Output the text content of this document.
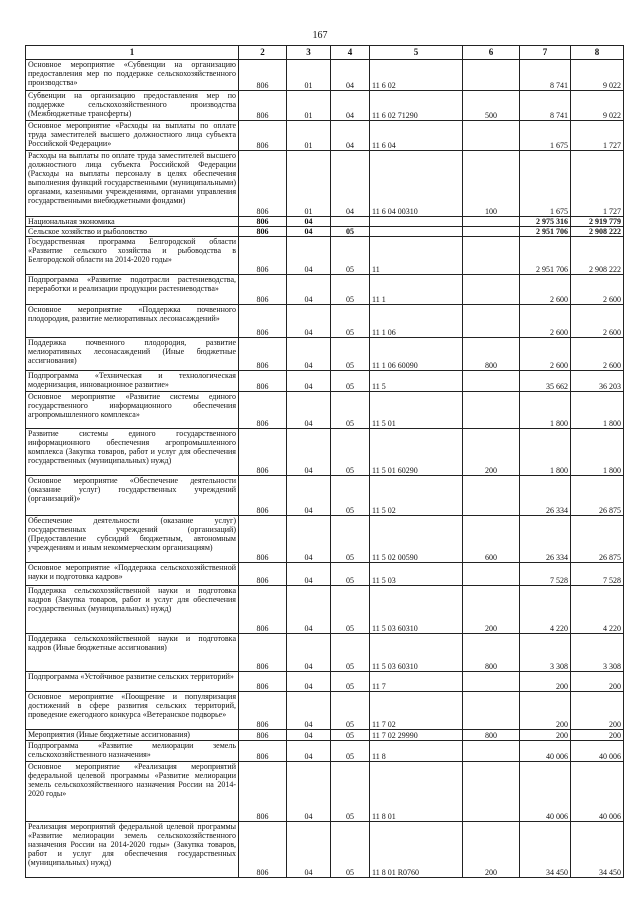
167
1	2	3	4	5	6	7	8
Основное мероприятие «Субвенции на организацию предоставления мер по поддержке сельскохозяйственного производства»	806	01	04	11 6 02		8 741	9 022
Субвенции на организацию предоставления мер по поддержке сельскохозяйственного производства (Межбюджетные трансферты)	806	01	04	11 6 02 71290	500	8 741	9 022
Основное мероприятие «Расходы на выплаты по оплате труда заместителей высшего должностного лица субъекта Российской Федерации»	806	01	04	11 6 04		1 675	1 727
Расходы на выплаты по оплате труда заместителей высшего должностного лица субъекта Российской Федерации (Расходы на выплаты персоналу в целях обеспечения выполнения функций государственными (муниципальными) органами, казенными учреждениями, органами управления государственными внебюджетными фондами)	806	01	04	11 6 04 00310	100	1 675	1 727
Национальная экономика	806	04				2 975 316	2 919 779
Сельское хозяйство и рыболовство	806	04	05			2 951 706	2 908 222
Государственная программа Белгородской области «Развитие сельского хозяйства и рыбоводства в Белгородской области на 2014-2020 годы»	806	04	05	11		2 951 706	2 908 222
Подпрограмма «Развитие подотрасли растениеводства, переработки и реализации продукции растениеводства»	806	04	05	11 1		2 600	2 600
Основное мероприятие «Поддержка почвенного плодородия, развитие мелиоративных лесонасаждений»	806	04	05	11 1 06		2 600	2 600
Поддержка почвенного плодородия, развитие мелиоративных лесонасаждений (Иные бюджетные ассигнования)	806	04	05	11 1 06 60090	800	2 600	2 600
Подпрограмма «Техническая и технологическая модернизация, инновационное развитие»	806	04	05	11 5		35 662	36 203
Основное мероприятие «Развитие системы единого государственного информационного обеспечения агропромышленного комплекса»	806	04	05	11 5 01		1 800	1 800
Развитие системы единого государственного информационного обеспечения агропромышленного комплекса (Закупка товаров, работ и услуг для обеспечения государственных (муниципальных) нужд)	806	04	05	11 5 01 60290	200	1 800	1 800
Основное мероприятие «Обеспечение деятельности (оказание услуг) государственных учреждений (организаций)»	806	04	05	11 5 02		26 334	26 875
Обеспечение деятельности (оказание услуг) государственных учреждений (организаций) (Предоставление субсидий бюджетным, автономным учреждениям и иным некоммерческим организациям)	806	04	05	11 5 02 00590	600	26 334	26 875
Основное мероприятие «Поддержка сельскохозяйственной науки и подготовка кадров»	806	04	05	11 5 03		7 528	7 528
Поддержка сельскохозяйственной науки и подготовка кадров (Закупка товаров, работ и услуг для обеспечения государственных (муниципальных) нужд)	806	04	05	11 5 03 60310	200	4 220	4 220
Поддержка сельскохозяйственной науки и подготовка кадров (Иные бюджетные ассигнования)	806	04	05	11 5 03 60310	800	3 308	3 308
Подпрограмма «Устойчивое развитие сельских территорий»	806	04	05	11 7		200	200
Основное мероприятие «Поощрение и популяризация достижений в сфере развития сельских территорий, проведение ежегодного конкурса «Ветеранское подворье»	806	04	05	11 7 02		200	200
Мероприятия (Иные бюджетные ассигнования)	806	04	05	11 7 02 29990	800	200	200
Подпрограмма «Развитие мелиорации земель сельскохозяйственного назначения»	806	04	05	11 8		40 006	40 006
Основное мероприятие «Реализация мероприятий федеральной целевой программы «Развитие мелиорации земель сельскохозяйственного назначения России на 2014-2020 годы»	806	04	05	11 8 01		40 006	40 006
Реализация мероприятий федеральной целевой программы «Развитие мелиорации земель сельскохозяйственного назначения России на 2014-2020 годы» (Закупка товаров, работ и услуг для обеспечения государственных (муниципальных) нужд)	806	04	05	11 8 01 R0760	200	34 450	34 450
